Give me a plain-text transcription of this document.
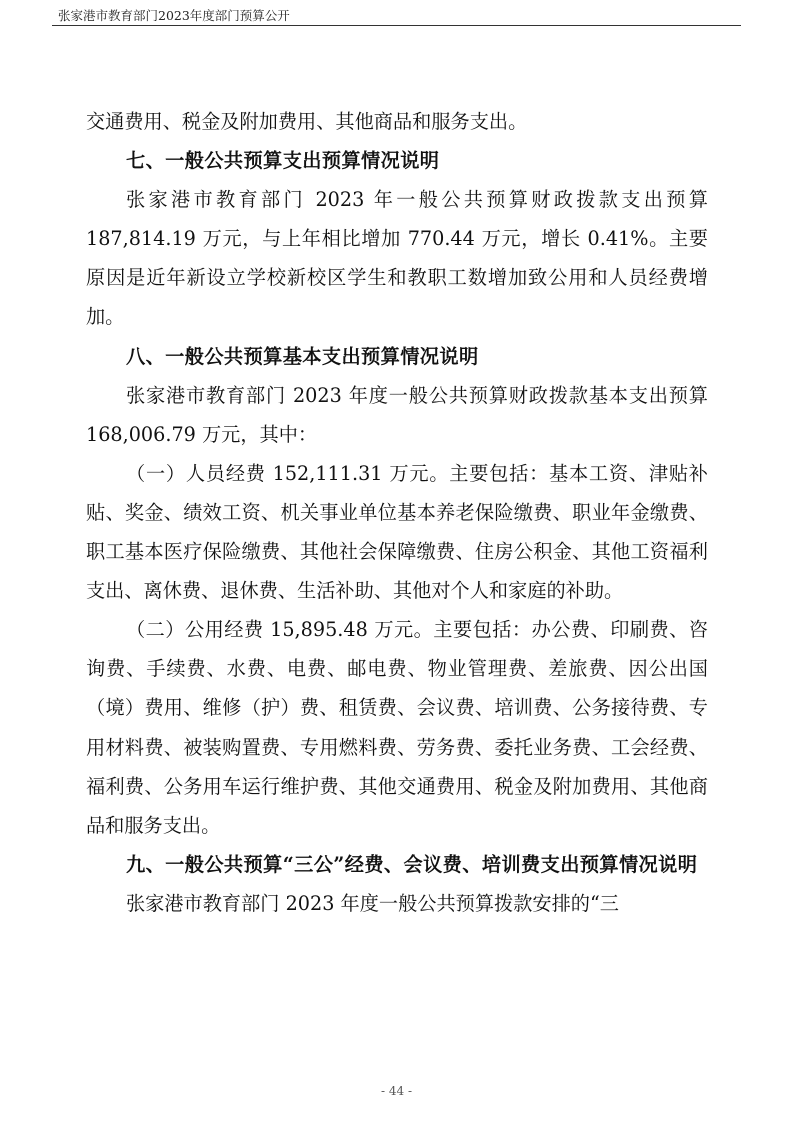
张家港市教育部门2023年度部门预算公开

交通费用、税金及附加费用、其他商品和服务支出。

七、一般公共预算支出预算情况说明

张家港市教育部门 2023 年一般公共预算财政拨款支出预算 187,814.19 万元，与上年相比增加 770.44 万元，增长 0.41%。主要原因是近年新设立学校新校区学生和教职工数增加致公用和人员经费增加。

八、一般公共预算基本支出预算情况说明

张家港市教育部门 2023 年度一般公共预算财政拨款基本支出预算 168,006.79 万元，其中：

（一）人员经费 152,111.31 万元。主要包括：基本工资、津贴补贴、奖金、绩效工资、机关事业单位基本养老保险缴费、职业年金缴费、职工基本医疗保险缴费、其他社会保障缴费、住房公积金、其他工资福利支出、离休费、退休费、生活补助、其他对个人和家庭的补助。

（二）公用经费 15,895.48 万元。主要包括：办公费、印刷费、咨询费、手续费、水费、电费、邮电费、物业管理费、差旅费、因公出国（境）费用、维修（护）费、租赁费、会议费、培训费、公务接待费、专用材料费、被装购置费、专用燃料费、劳务费、委托业务费、工会经费、福利费、公务用车运行维护费、其他交通费用、税金及附加费用、其他商品和服务支出。

九、一般公共预算“三公”经费、会议费、培训费支出预算情况说明

张家港市教育部门 2023 年度一般公共预算拨款安排的“三

- 44 -
